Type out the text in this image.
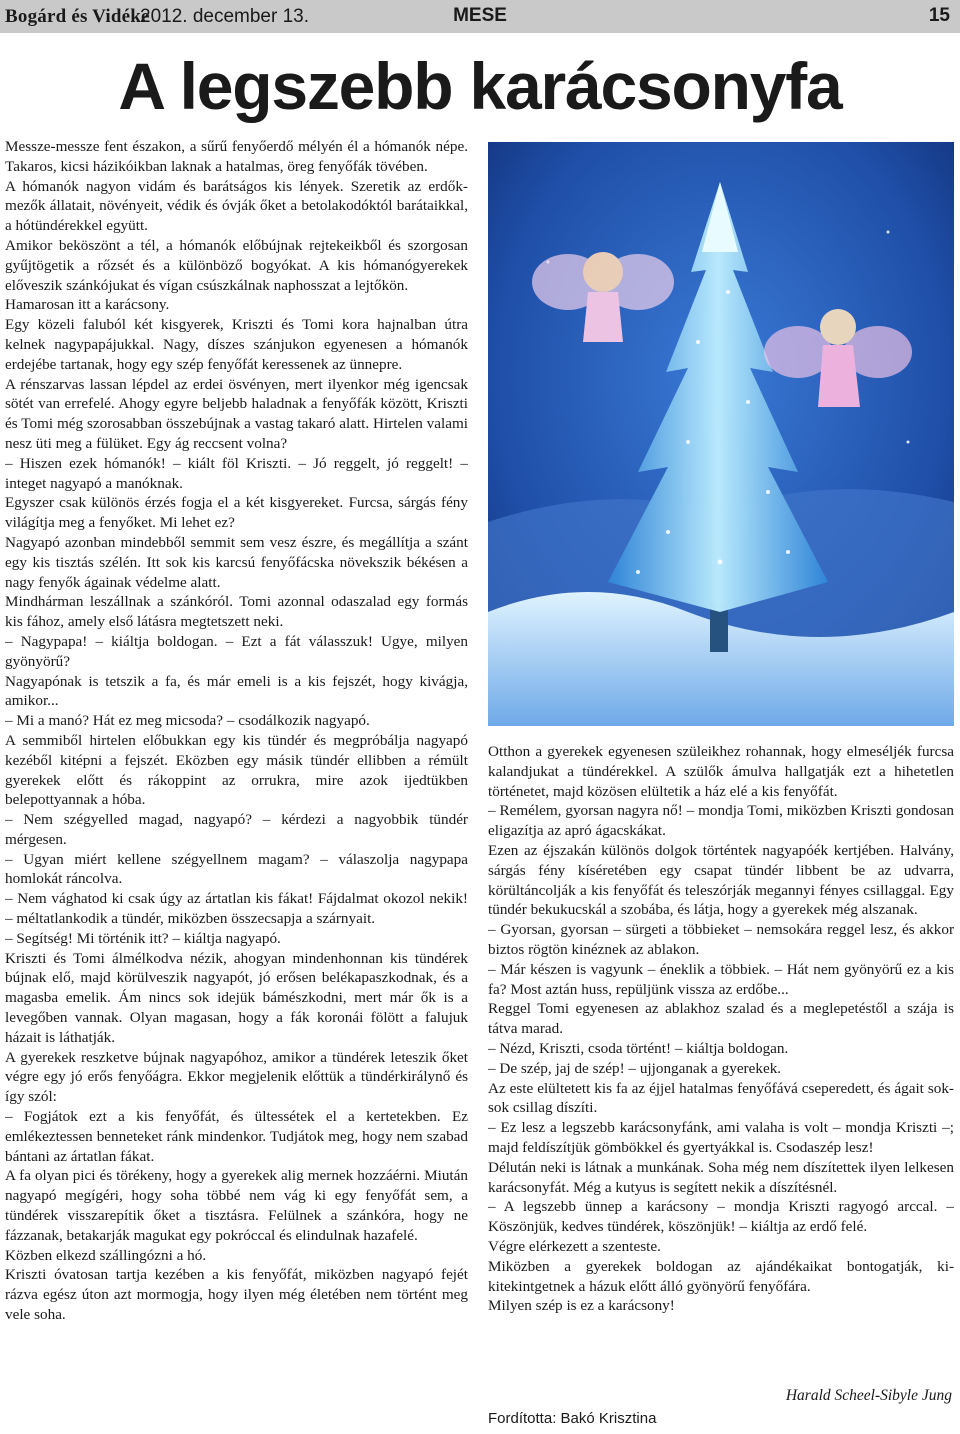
Bogárd és Vidéke
2012. december 13.	MESE	15
A legszebb karácsonyfa

Messze-messze fent északon, a sűrű fenyőerdő mélyén él a hómanók népe. Takaros, kicsi házikóikban laknak a hatalmas, öreg fenyőfák tövében.

A hómanók nagyon vidám és barátságos kis lények. Szeretik az erdők-mezők állatait, növényeit, védik és óvják őket a betolakodóktól barátaikkal, a hótündérekkel együtt.

Amikor beköszönt a tél, a hómanók előbújnak rejtekeikből és szorgosan gyűjtögetik a rőzsét és a különböző bogyókat. A kis hómanógyerekek elővеszik szánkójukat és vígan csúszkálnak naphosszat a lejtőkön.

Hamarosan itt a karácsony.

Egy közeli faluból két kisgyerek, Kriszti és Tomi kora hajnalban útra kelnek nagypapájukkal. Nagy, díszes szánjukon egyenesen a hómanók erdejébe tartanak, hogy egy szép fenyőfát keressenek az ünnepre.

A rénszarvas lassan lépdel az erdei ösvényen, mert ilyenkor még igencsak sötét van errefelé. Ahogy egyre beljebb haladnak a fenyőfák között, Kriszti és Tomi még szorosabban összebújnak a vastag takaró alatt. Hirtelen valami nesz üti meg a fülüket. Egy ág reccsent volna?

– Hiszen ezek hómanók! – kiált föl Kriszti. – Jó reggelt, jó reggelt! – integet nagyapó a manóknak.

Egyszer csak különös érzés fogja el a két kisgyereket. Furcsa, sárgás fény világítja meg a fenyőket. Mi lehet ez?

Nagyapó azonban mindebből semmit sem vesz észre, és megállítja a szánt egy kis tisztás szélén. Itt sok kis karcsú fenyőfácska növekszik békésen a nagy fenyők ágainak védelme alatt.

Mindhárman leszállnak a szánkóról. Tomi azonnal odaszalad egy formás kis fához, amely első látásra megtetszett neki.

– Nagypapa! – kiáltja boldogan. – Ezt a fát válasszuk! Ugye, milyen gyönyörű?

Nagyapónak is tetszik a fa, és már emeli is a kis fejszét, hogy kivágja, amikor...

– Mi a manó? Hát ez meg micsoda? – csodálkozik nagyapó.

A semmiből hirtelen előbukkan egy kis tündér és megpróbálja nagyapó kezéből kitépni a fejszét. Eközben egy másik tündér ellibben a rémült gyerekek előtt és rákoppint az orrukra, mire azok ijedtükben belepottyannak a hóba.

– Nem szégyelled magad, nagyapó? – kérdezi a nagyobbik tündér mérgesen.

– Ugyan miért kellene szégyellnem magam? – válaszolja nagypapa homlokát ráncolva.

– Nem vághatod ki csak úgy az ártatlan kis fákat! Fájdalmat okozol nekik! – méltatlankodik a tündér, miközben összecsapja a szárnyait.

– Segítség! Mi történik itt? – kiáltja nagyapó.

Kriszti és Tomi álmélkodva nézik, ahogyan mindenhonnan kis tündérek bújnak elő, majd körülveszik nagyapót, jó erősen belékapaszkodnak, és a magasba emelik. Ám nincs sok idejük bámészkodni, mert már ők is a levegőben vannak. Olyan magasan, hogy a fák koronái fölött a falujuk házait is láthatják.

A gyerekek reszketve bújnak nagyapóhoz, amikor a tündérek leteszik őket végre egy jó erős fenyőágra. Ekkor megjelenik előttük a tündérkirálynő és így szól:

– Fogjátok ezt a kis fenyőfát, és ültessétek el a kertetekben. Ez emlékeztessen benneteket ránk mindenkor. Tudjátok meg, hogy nem szabad bántani az ártatlan fákat.

A fa olyan pici és törékeny, hogy a gyerekek alig mernek hozzáérni. Miután nagyapó megígéri, hogy soha többé nem vág ki egy fenyőfát sem, a tündérek visszarepítik őket a tisztásra. Felülnek a szánkóra, hogy ne fázzanak, betakarják magukat egy pokróccal és elindulnak hazafelé.

Közben elkezd szállingózni a hó.

Kriszti óvatosan tartja kezében a kis fenyőfát, miközben nagyapó fejét rázva egész úton azt mormogja, hogy ilyen még életében nem történt meg vele soha.

Otthon a gyerekek egyenesen szüleikhez rohannak, hogy elmeséljék furcsa kalandjukat a tündérekkel. A szülők ámulva hallgatják ezt a hihetetlen történetet, majd közösen elültetik a ház elé a kis fenyőfát.

– Remélem, gyorsan nagyra nő! – mondja Tomi, miközben Kriszti gondosan eligazítja az apró ágacskákat.

Ezen az éjszakán különös dolgok történtek nagyapóék kertjében. Halvány, sárgás fény kíséretében egy csapat tündér libbent be az udvarra, körültáncolják a kis fenyőfát és teleszórják megannyi fényes csillaggal. Egy tündér bekukucskál a szobába, és látja, hogy a gyerekek még alszanak.

– Gyorsan, gyorsan – sürgeti a többieket – nemsokára reggel lesz, és akkor biztos rögtön kinéznek az ablakon.

– Már készen is vagyunk – éneklik a többiek. – Hát nem gyönyörű ez a kis fa? Most aztán huss, repüljünk vissza az erdőbe...

Reggel Tomi egyenesen az ablakhoz szalad és a meglepetéstől a szája is tátva marad.

– Nézd, Kriszti, csoda történt! – kiáltja boldogan.

– De szép, jaj de szép! – ujjonganak a gyerekek.

Az este elültetett kis fa az éjjel hatalmas fenyőfává cseperedett, és ágait sok-sok csillag díszíti.

– Ez lesz a legszebb karácsonyfánk, ami valaha is volt – mondja Kriszti –; majd feldíszítjük gömbökkel és gyertyákkal is. Csodaszép lesz!

Délután neki is látnak a munkának. Soha még nem díszítettek ilyen lelkesen karácsonyfát. Még a kutyus is segített nekik a díszítésnél.

– A legszebb ünnep a karácsony – mondja Kriszti ragyogó arccal. – Köszönjük, kedves tündérek, köszönjük! – kiáltja az erdő felé.

Végre elérkezett a szenteste.

Miközben a gyerekek boldogan az ajándékaikat bontogatják, ki-kitekintgetnek a házuk előtt álló gyönyörű fenyőfára.

Milyen szép is ez a karácsony!

Harald Scheel-Sibyle Jung
Fordította: Bakó Krisztina
